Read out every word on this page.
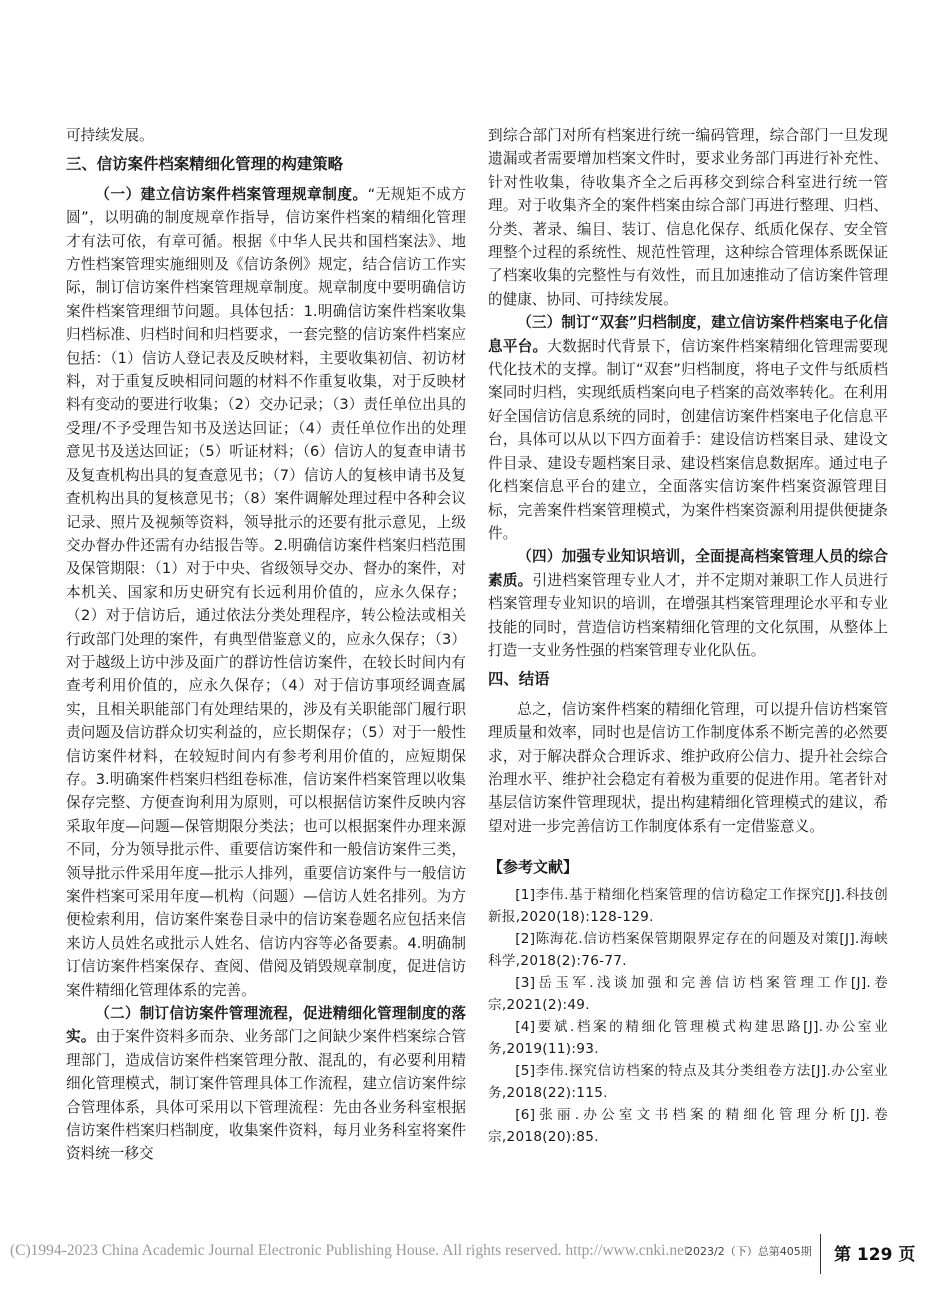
可持续发展。

三、信访案件档案精细化管理的构建策略

（一）建立信访案件档案管理规章制度。“无规矩不成方圆”，以明确的制度规章作指导，信访案件档案的精细化管理才有法可依，有章可循。根据《中华人民共和国档案法》、地方性档案管理实施细则及《信访条例》规定，结合信访工作实际，制订信访案件档案管理规章制度。规章制度中要明确信访案件档案管理细节问题。具体包括：1.明确信访案件档案收集归档标准、归档时间和归档要求，一套完整的信访案件档案应包括：（1）信访人登记表及反映材料，主要收集初信、初访材料，对于重复反映相同问题的材料不作重复收集，对于反映材料有变动的要进行收集；（2）交办记录；（3）责任单位出具的受理/不予受理告知书及送达回证；（4）责任单位作出的处理意见书及送达回证；（5）听证材料；（6）信访人的复查申请书及复查机构出具的复查意见书；（7）信访人的复核申请书及复查机构出具的复核意见书；（8）案件调解处理过程中各种会议记录、照片及视频等资料，领导批示的还要有批示意见，上级交办督办件还需有办结报告等。2.明确信访案件档案归档范围及保管期限：（1）对于中央、省级领导交办、督办的案件，对本机关、国家和历史研究有长远利用价值的，应永久保存；（2）对于信访后，通过依法分类处理程序，转公检法或相关行政部门处理的案件，有典型借鉴意义的，应永久保存；（3）对于越级上访中涉及面广的群访性信访案件，在较长时间内有查考利用价值的，应永久保存；（4）对于信访事项经调查属实，且相关职能部门有处理结果的，涉及有关职能部门履行职责问题及信访群众切实利益的，应长期保存；（5）对于一般性信访案件材料，在较短时间内有参考利用价值的，应短期保存。3.明确案件档案归档组卷标准，信访案件档案管理以收集保存完整、方便查询利用为原则，可以根据信访案件反映内容采取年度—问题—保管期限分类法；也可以根据案件办理来源不同，分为领导批示件、重要信访案件和一般信访案件三类，领导批示件采用年度—批示人排列，重要信访案件与一般信访案件档案可采用年度—机构（问题）—信访人姓名排列。为方便检索利用，信访案件案卷目录中的信访案卷题名应包括来信来访人员姓名或批示人姓名、信访内容等必备要素。4.明确制订信访案件档案保存、查阅、借阅及销毁规章制度，促进信访案件精细化管理体系的完善。

（二）制订信访案件管理流程，促进精细化管理制度的落实。由于案件资料多而杂、业务部门之间缺少案件档案综合管理部门，造成信访案件档案管理分散、混乱的，有必要利用精细化管理模式，制订案件管理具体工作流程，建立信访案件综合管理体系，具体可采用以下管理流程：先由各业务科室根据信访案件档案归档制度，收集案件资料，每月业务科室将案件资料统一移交

到综合部门对所有档案进行统一编码管理，综合部门一旦发现遗漏或者需要增加档案文件时，要求业务部门再进行补充性、针对性收集，待收集齐全之后再移交到综合科室进行统一管理。对于收集齐全的案件档案由综合部门再进行整理、归档、分类、著录、编目、装订、信息化保存、纸质化保存、安全管理整个过程的系统性、规范性管理，这种综合管理体系既保证了档案收集的完整性与有效性，而且加速推动了信访案件管理的健康、协同、可持续发展。

（三）制订“双套”归档制度，建立信访案件档案电子化信息平台。大数据时代背景下，信访案件档案精细化管理需要现代化技术的支撑。制订“双套”归档制度，将电子文件与纸质档案同时归档，实现纸质档案向电子档案的高效率转化。在利用好全国信访信息系统的同时，创建信访案件档案电子化信息平台，具体可以从以下四方面着手：建设信访档案目录、建设文件目录、建设专题档案目录、建设档案信息数据库。通过电子化档案信息平台的建立，全面落实信访案件档案资源管理目标，完善案件档案管理模式，为案件档案资源利用提供便捷条件。

（四）加强专业知识培训，全面提高档案管理人员的综合素质。引进档案管理专业人才，并不定期对兼职工作人员进行档案管理专业知识的培训，在增强其档案管理理论水平和专业技能的同时，营造信访档案精细化管理的文化氛围，从整体上打造一支业务性强的档案管理专业化队伍。

四、结语

总之，信访案件档案的精细化管理，可以提升信访档案管理质量和效率，同时也是信访工作制度体系不断完善的必然要求，对于解决群众合理诉求、维护政府公信力、提升社会综合治理水平、维护社会稳定有着极为重要的促进作用。笔者针对基层信访案件管理现状，提出构建精细化管理模式的建议，希望对进一步完善信访工作制度体系有一定借鉴意义。

【参考文献】

[1]李伟.基于精细化档案管理的信访稳定工作探究[J].科技创新报,2020(18):128-129.

[2]陈海花.信访档案保管期限界定存在的问题及对策[J].海峡科学,2018(2):76-77.

[3]岳玉军.浅谈加强和完善信访档案管理工作[J].卷宗,2021(2):49.

[4]要斌.档案的精细化管理模式构建思路[J].办公室业务,2019(11):93.

[5]李伟.探究信访档案的特点及其分类组卷方法[J].办公室业务,2018(22):115.

[6]张丽.办公室文书档案的精细化管理分析[J].卷宗,2018(20):85.

(C)1994-2023 China Academic Journal Electronic Publishing House. All rights reserved. http://www.cnki.net
2023/2（下）总第405期 第 129 页
